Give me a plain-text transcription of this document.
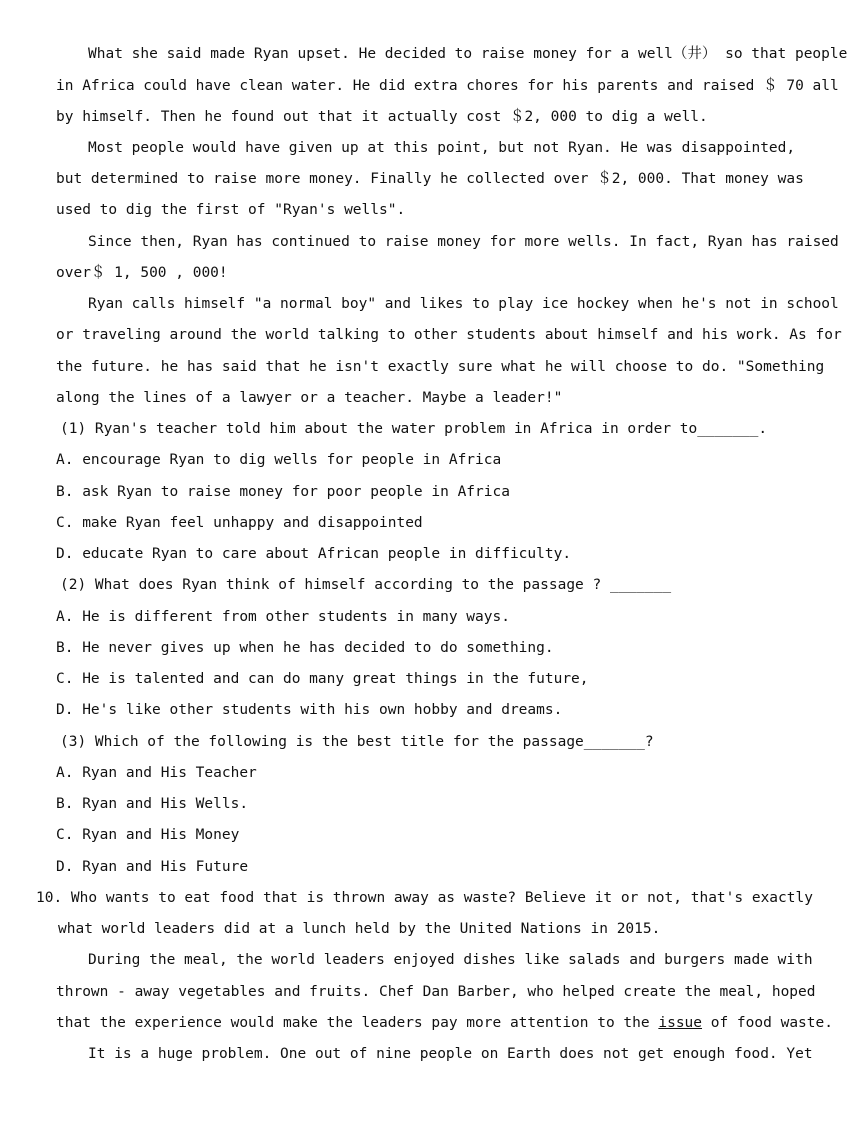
What she said made Ryan upset. He decided to raise money for a well（井） so that people
in Africa could have clean water. He did extra chores for his parents and raised ＄ 70 all
by himself. Then he found out that it actually cost ＄2, 000 to dig a well.
Most people would have given up at this point, but not Ryan. He was disappointed,
but determined to raise more money. Finally he collected over ＄2, 000. That money was
used to dig the first of "Ryan's wells".
Since then, Ryan has continued to raise money for more wells. In fact, Ryan has raised
over＄ 1, 500 , 000!
Ryan calls himself "a normal boy" and likes to play ice hockey when he's not in school
or traveling around the world talking to other students about himself and his work. As for
the future. he has said that he isn't exactly sure what he will choose to do. "Something
along the lines of a lawyer or a teacher. Maybe a leader!"
(1) Ryan's teacher told him about the water problem in Africa in order to_______.
A. encourage Ryan to dig wells for people in Africa
B. ask Ryan to raise money for poor people in Africa
C. make Ryan feel unhappy and disappointed
D. educate Ryan to care about African people in difficulty.
(2) What does Ryan think of himself according to the passage ? _______
A. He is different from other students in many ways.
B. He never gives up when he has decided to do something.
C. He is talented and can do many great things in the future,
D. He's like other students with his own hobby and dreams.
(3) Which of the following is the best title for the passage_______?
A. Ryan and His Teacher
B. Ryan and His Wells.
C. Ryan and His Money
D. Ryan and His Future
10. Who wants to eat food that is thrown away as waste? Believe it or not, that's exactly
what world leaders did at a lunch held by the United Nations in 2015.
During the meal, the world leaders enjoyed dishes like salads and burgers made with
thrown - away vegetables and fruits. Chef Dan Barber, who helped create the meal, hoped
that the experience would make the leaders pay more attention to the issue of food waste.
It is a huge problem. One out of nine people on Earth does not get enough food. Yet
